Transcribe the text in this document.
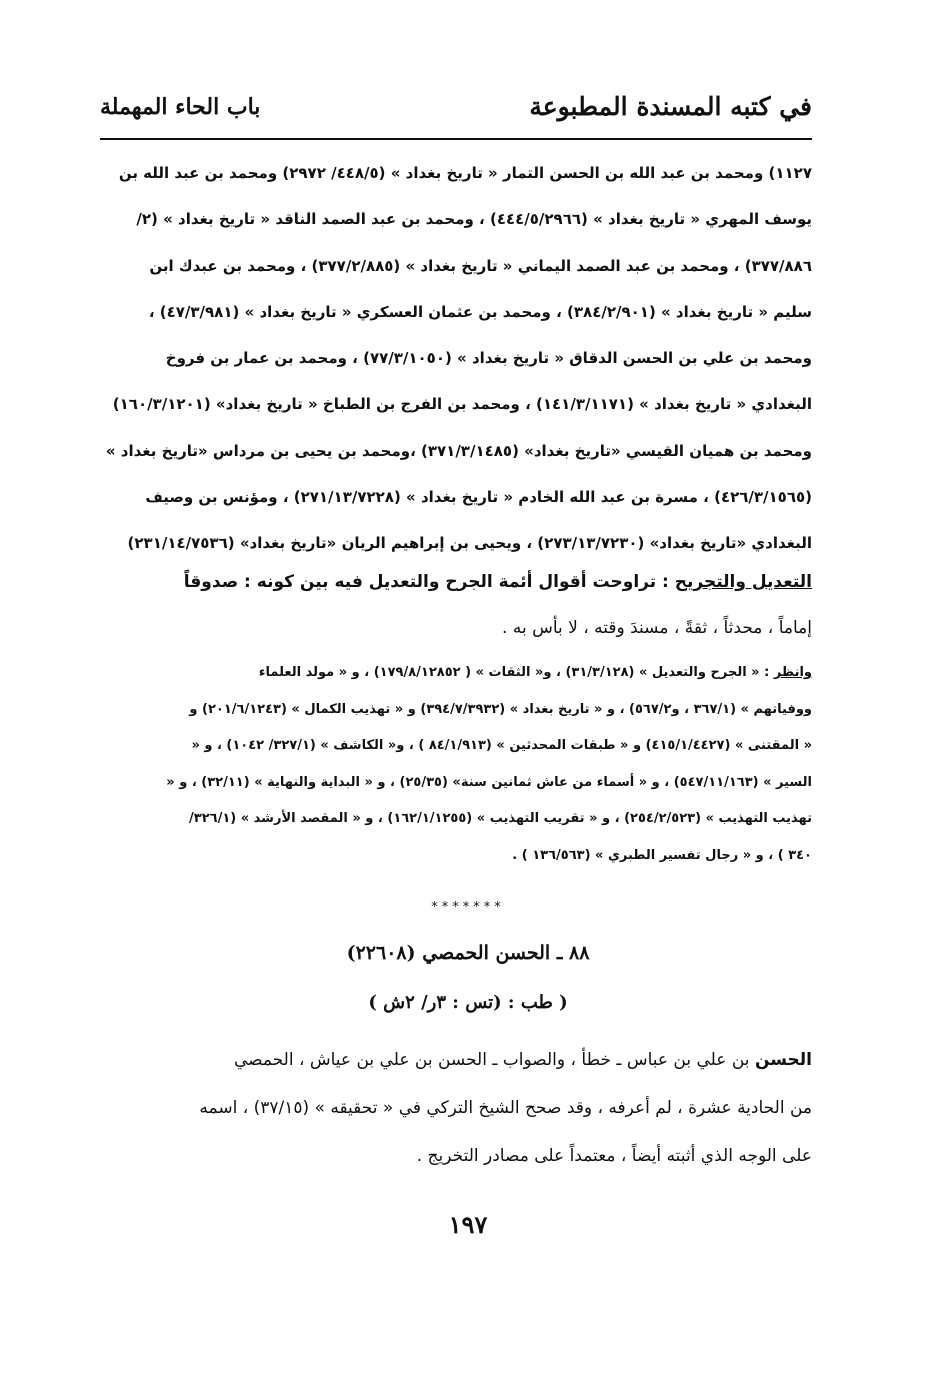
في كتبه المسندة المطبوعة
باب الحاء المهملة
١١٢٧) ومحمد بن عبد الله بن الحسن التمار « تاريخ بغداد » (٤٤٨/٥/ ٢٩٧٢) ومحمد بن عبد الله بن
يوسف المهري « تاريخ بغداد » (٤٤٤/٥/٢٩٦٦) ، ومحمد بن عبد الصمد الناقد « تاريخ بغداد » (٢/
٣٧٧/٨٨٦) ، ومحمد بن عبد الصمد اليماني « تاريخ بغداد » (٣٧٧/٢/٨٨٥) ، ومحمد بن عبدك ابن
سليم « تاريخ بغداد » (٣٨٤/٢/٩٠١) ، ومحمد بن عثمان العسكري « تاريخ بغداد » (٤٧/٣/٩٨١) ،
ومحمد بن علي بن الحسن الدقاق « تاريخ بغداد » (٧٧/٣/١٠٥٠) ، ومحمد بن عمار بن فروخ
البغدادي « تاريخ بغداد » (١٤١/٣/١١٧١) ، ومحمد بن الفرج بن الطباخ « تاريخ بغداد» (١٦٠/٣/١٢٠١)
ومحمد بن هميان القيسي «تاريخ بغداد» (٣٧١/٣/١٤٨٥) ،ومحمد بن يحيى بن مرداس «تاريخ بغداد »
(٤٢٦/٣/١٥٦٥) ، مسرة بن عبد الله الخادم « تاريخ بغداد » (٢٧١/١٣/٧٢٢٨) ، ومؤنس بن وصيف
البغدادي «تاريخ بغداد» (٢٧٣/١٣/٧٢٣٠) ، ويحيى بن إبراهيم الريان «تاريخ بغداد» (٢٣١/١٤/٧٥٣٦)
التعديل والتجريح : تراوحت أقوال أئمة الجرح والتعديل فيه بين كونه : صدوقاً
إماماً ، محدثاً ، ثقةً ، مسندَ وقته ، لا بأس به .
وانظر : « الجرح والتعديل » (٣١/٣/١٢٨) ، و« الثقات » ( ١٧٩/٨/١٢٨٥٢) ، و « مولد العلماء
ووفياتهم » (٣٦٧/١ ، و٥٦٧/٢) ، و « تاريخ بغداد » (٣٩٤/٧/٣٩٣٢) و « تهذيب الكمال » (٢٠١/٦/١٢٤٣) و
« المقتنى » (٤١٥/١/٤٤٢٧) و « طبقات المحدثين » (٨٤/١/٩١٣ ) ، و« الكاشف » (٣٢٧/١/ ١٠٤٢) ، و «
السير » (٥٤٧/١١/١٦٣) ، و « أسماء من عاش ثمانين سنة» (٢٥/٣٥) ، و « البداية والنهاية » (٣٢/١١) ، و «
تهذيب التهذيب » (٢٥٤/٢/٥٢٣) ، و « تقريب التهذيب » (١٦٢/١/١٢٥٥) ، و « المقصد الأرشد » (٣٢٦/١/
٣٤٠ ) ، و « رجال تفسير الطبري » (١٣٦/٥٦٣ ) .
*******
٨٨ ـ الحسن الحمصي (٢٢٦٠٨)
( طب : (تس : ٣ر/ ٢ش )
الحسن بن علي بن عباس ـ خطأ ، والصواب ـ الحسن بن علي بن عياش ، الحمصي
من الحادية عشرة ، لم أعرفه ، وقد صحح الشيخ التركي في « تحقيقه » (٣٧/١٥) ، اسمه
على الوجه الذي أثبته أيضاً ، معتمداً على مصادر التخريج .
١٩٧
